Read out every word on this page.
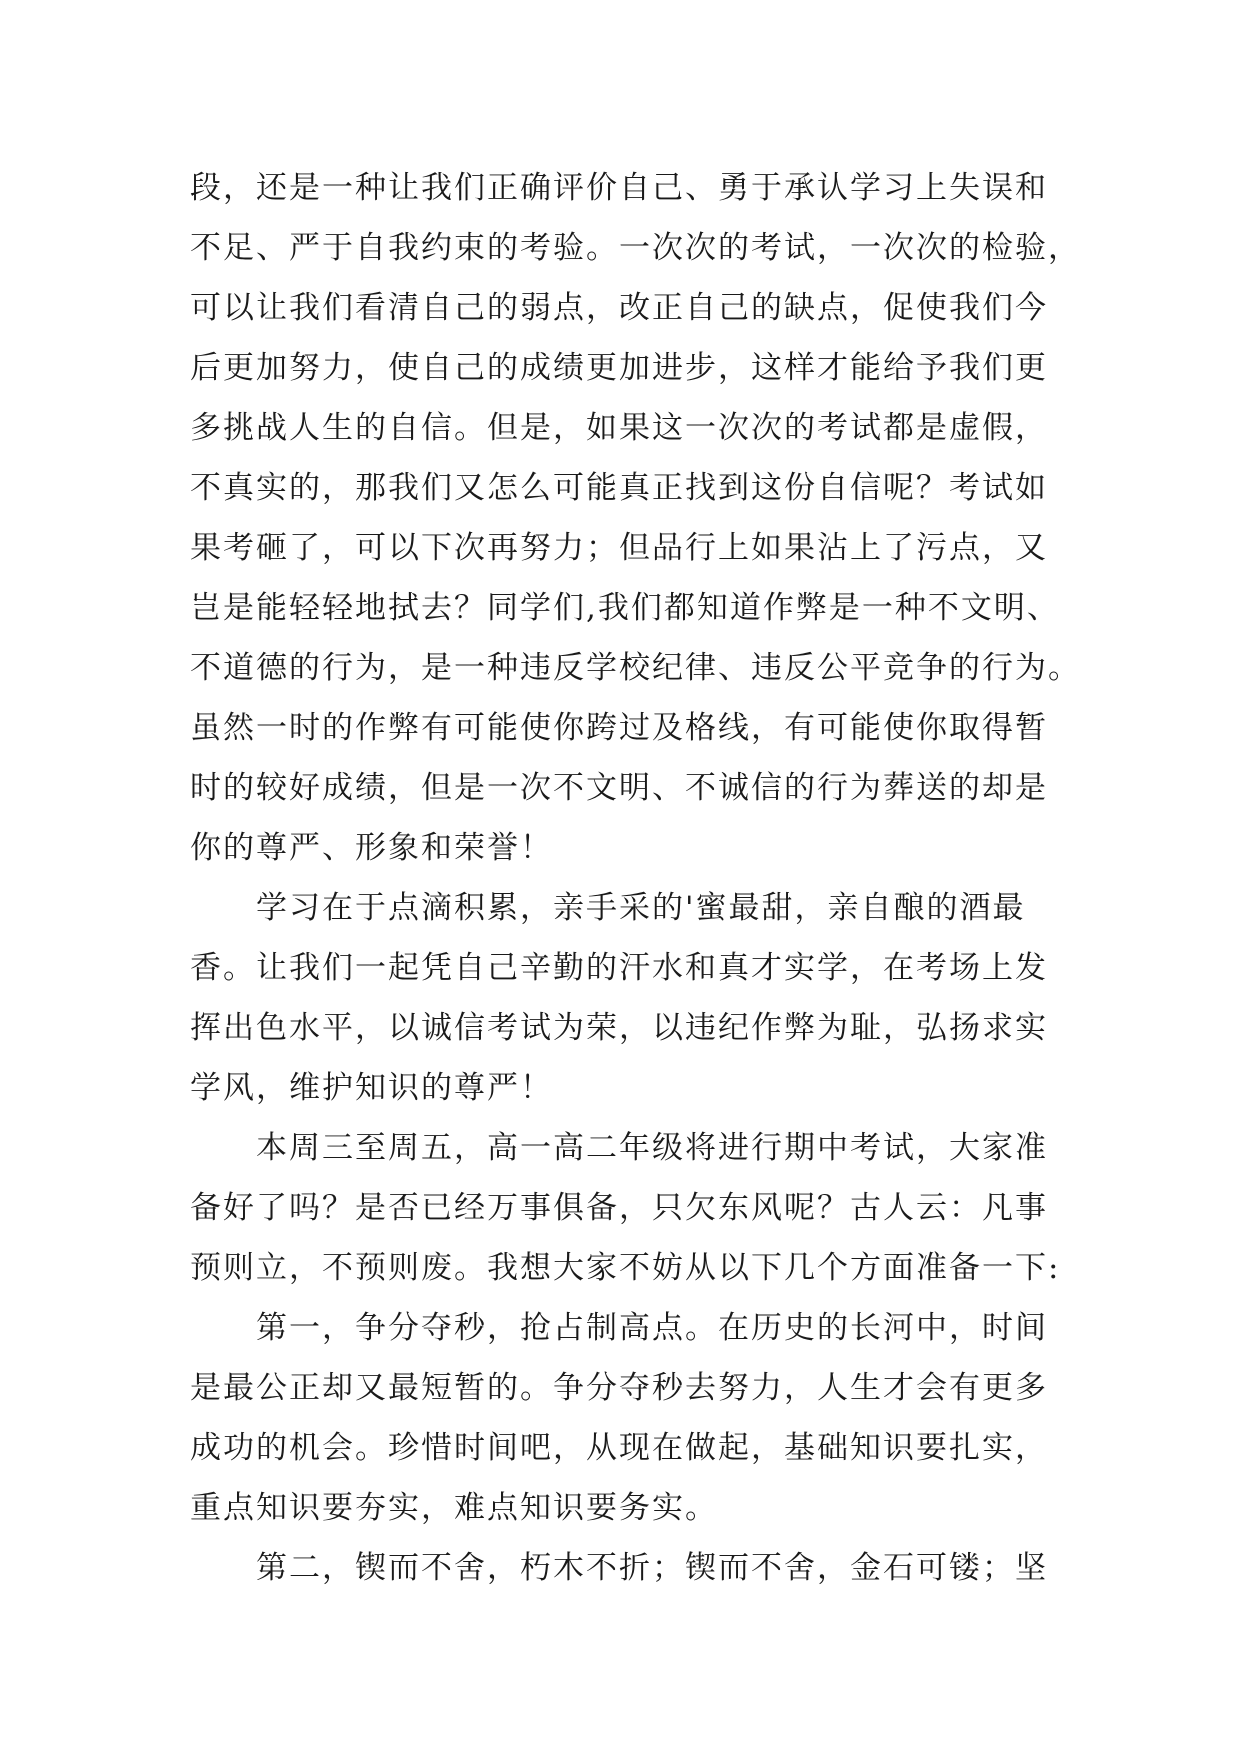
段，还是一种让我们正确评价自己、勇于承认学习上失误和
不足、严于自我约束的考验。一次次的考试，一次次的检验，
可以让我们看清自己的弱点，改正自己的缺点，促使我们今
后更加努力，使自己的成绩更加进步，这样才能给予我们更
多挑战人生的自信。但是，如果这一次次的考试都是虚假，
不真实的，那我们又怎么可能真正找到这份自信呢？考试如
果考砸了，可以下次再努力；但品行上如果沾上了污点，又
岂是能轻轻地拭去？同学们,我们都知道作弊是一种不文明、
不道德的行为，是一种违反学校纪律、违反公平竞争的行为。
虽然一时的作弊有可能使你跨过及格线，有可能使你取得暂
时的较好成绩，但是一次不文明、不诚信的行为葬送的却是
你的尊严、形象和荣誉！
学习在于点滴积累，亲手采的'蜜最甜，亲自酿的酒最
香。让我们一起凭自己辛勤的汗水和真才实学，在考场上发
挥出色水平，以诚信考试为荣，以违纪作弊为耻，弘扬求实
学风，维护知识的尊严！
本周三至周五，高一高二年级将进行期中考试，大家准
备好了吗？是否已经万事俱备，只欠东风呢？古人云：凡事
预则立，不预则废。我想大家不妨从以下几个方面准备一下:
第一，争分夺秒，抢占制高点。在历史的长河中，时间
是最公正却又最短暂的。争分夺秒去努力，人生才会有更多
成功的机会。珍惜时间吧，从现在做起，基础知识要扎实，
重点知识要夯实，难点知识要务实。
第二，锲而不舍，朽木不折；锲而不舍，金石可镂；坚
